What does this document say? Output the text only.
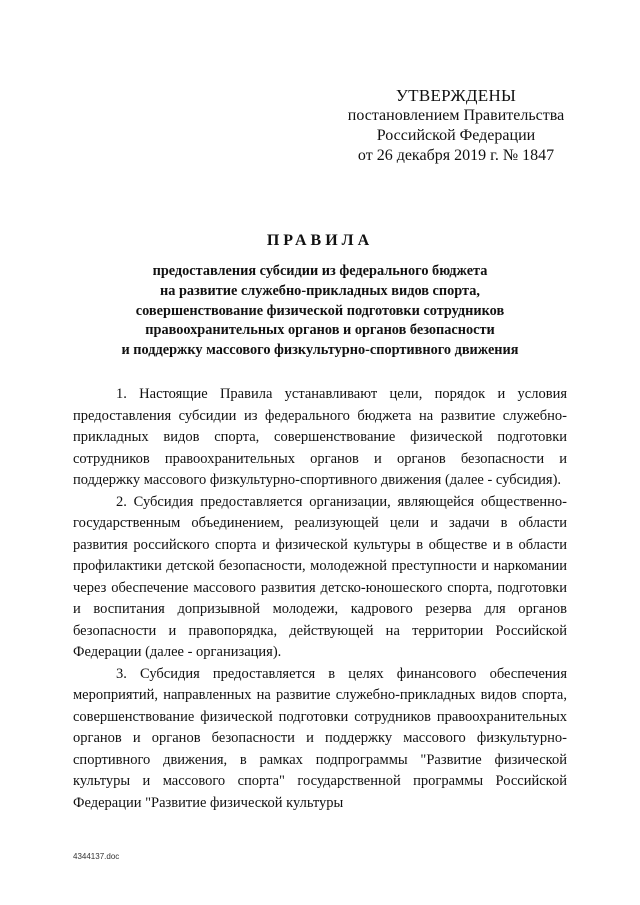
УТВЕРЖДЕНЫ
постановлением Правительства
Российской Федерации
от 26 декабря 2019 г. № 1847
ПРАВИЛА
предоставления субсидии из федерального бюджета
на развитие служебно-прикладных видов спорта,
совершенствование физической подготовки сотрудников
правоохранительных органов и органов безопасности
и поддержку массового физкультурно-спортивного движения

1. Настоящие Правила устанавливают цели, порядок и условия предоставления субсидии из федерального бюджета на развитие служебно-прикладных видов спорта, совершенствование физической подготовки сотрудников правоохранительных органов и органов безопасности и поддержку массового физкультурно-спортивного движения (далее - субсидия).

2. Субсидия предоставляется организации, являющейся общественно-государственным объединением, реализующей цели и задачи в области развития российского спорта и физической культуры в обществе и в области профилактики детской безопасности, молодежной преступности и наркомании через обеспечение массового развития детско-юношеского спорта, подготовки и воспитания допризывной молодежи, кадрового резерва для органов безопасности и правопорядка, действующей на территории Российской Федерации (далее - организация).

3. Субсидия предоставляется в целях финансового обеспечения мероприятий, направленных на развитие служебно-прикладных видов спорта, совершенствование физической подготовки сотрудников правоохранительных органов и органов безопасности и поддержку массового физкультурно-спортивного движения, в рамках подпрограммы "Развитие физической культуры и массового спорта" государственной программы Российской Федерации "Развитие физической культуры

4344137.doc
